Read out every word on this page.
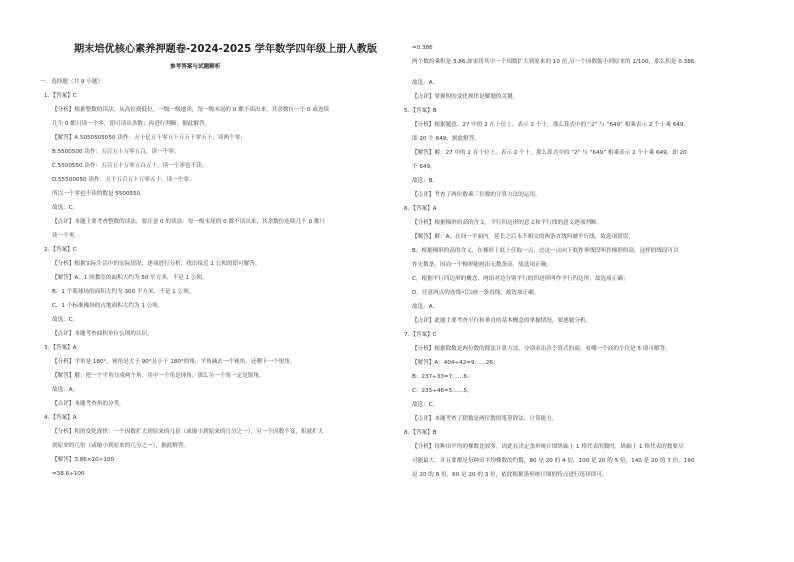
期末培优核心素养押题卷-2024-2025 学年数学四年级上册人教版
参考答案与试题解析
一．选择题（共 9 小题）
1．【答案】C
【分析】根据整数的读法，从高位到低位，一级一级地读，每一级末尾的 0 都不读出来，其余数位一个 0 或连续
几个 0 都只读一个零，即可读出各数；再进行判断，据此解答。
【解答】A.5050505050 读作：五十亿五千零五十万五千零五十，读两个零；
B.5500500 读作：五百五十万零五百，读一个零；
C.5500550 读作：五百五十万零五百五十，读一个零也不读；
D.55500050 读作：五千五百五十万零五十，读一个零。
所以一个零也不读的数是 5500550。
故选：C。
【点评】本题主要考查整数的读法，要注意 0 的读法：每一级末尾的 0 都不读出来，其余数位连续几个 0 都只
读一个零。
2．【答案】C
【分析】根据实际生活中的实际情况，逐项进行分析，找出接近 1 公顷的即可解答。
【解答】A．1 间教室的面积大约为 50 平方米，不是 1 公顷。
B．1 个篮球场的面积大约为 300 平方米，不是 1 公顷。
C．1 个标准操场的占地面积大约为 1 公顷。
故选：C。
【点评】本题考查面积单位公顷的认识。
3．【答案】A
【分析】平角是 180°，钝角是大于 90°且小于 180°的角，平角减去一个钝角，还剩下一个锐角。
【解答】解：把一个平角分成两个角，其中一个角是钝角，那么另一个角一定是锐角。
故选：A。
【点评】本题考查角的分类。
4．【答案】A
【分析】积的变化规律：一个因数扩大到原来的几倍（或缩小到原来的几分之一），另一个因数不变，积就扩大
到原来的几倍（或缩小到原来的几分之一），据此解答。
【解答】3.86×10÷100
=38.6÷100
=0.386
两个数的乘积是 3.86,如果将其中一个因数扩大到原来的 10 倍,另一个因数缩小到原来的 1/100，那么积是 0.386。
故选：A。
【点评】掌握积的变化规律是解题的关键。
5．【答案】B
【分析】根据题意，27 中的 2 在十位上，表示 2 个十，那么算式中的 “2” 与 “649” 相乘表示 2 个十乘 649,
即 20 个 649；据此解答。
【解答】解：27 中的 2 在十位上，表示 2 个十，那么算式中的 “2” 与 “649” 相乘表示 2 个十乘 649，即 20
个 649。
故选：B。
【点评】考查了两位数乘三位数的计算方法的运用。
6．【答案】A
【分析】根据梯形的高的含义，平行四边形的意义和平行线的意义逐项判断。
【解答】解：A，在同一平面内，延长之后永不相交的两条直线叫做平行线，故选项错误；
B，根据梯形的高的含义，在梯形上底上任取一点，过这一点向下底作垂线段叫作梯形的高，这样的线段可以
作无数条，因而一个梯形能画出无数条高，故选项正确；
C，根据平行四边形的概念，两组对边分别平行的四边形叫作平行四边形，故选项正确；
D，任意两点的连线可以画一条直线，故选项正确。
故选：A。
【点评】此题主要考查平行和垂直的基本概念的掌握情况，要逐题分析。
7．【答案】C
【分析】根据除数是两位数的除法计算方法，分别求出各个算式的商，看哪一个商的个位是 5 即可解答。
【解答】A：404÷42=9……26；
B：237÷33=7……6；
C：235÷46=5……5。
故选：C。
【点评】本题考查了除数是两位数的笔算除法、计算能力。
8．【答案】B
【分析】每种田平均的棵数比较多，因此在决定条形统计图纵轴上 1 格代表的数时，纵轴上 1 格代表的数要尽
可能最大，并且要都是每种田平均棵数的约数，80 是 20 的 4 倍，100 是 20 的 5 倍，140 是 20 的 7 倍，160
是 20 的 8 倍，60 是 20 的 3 倍，依此根据条形统计图的特点进行选择即可。
